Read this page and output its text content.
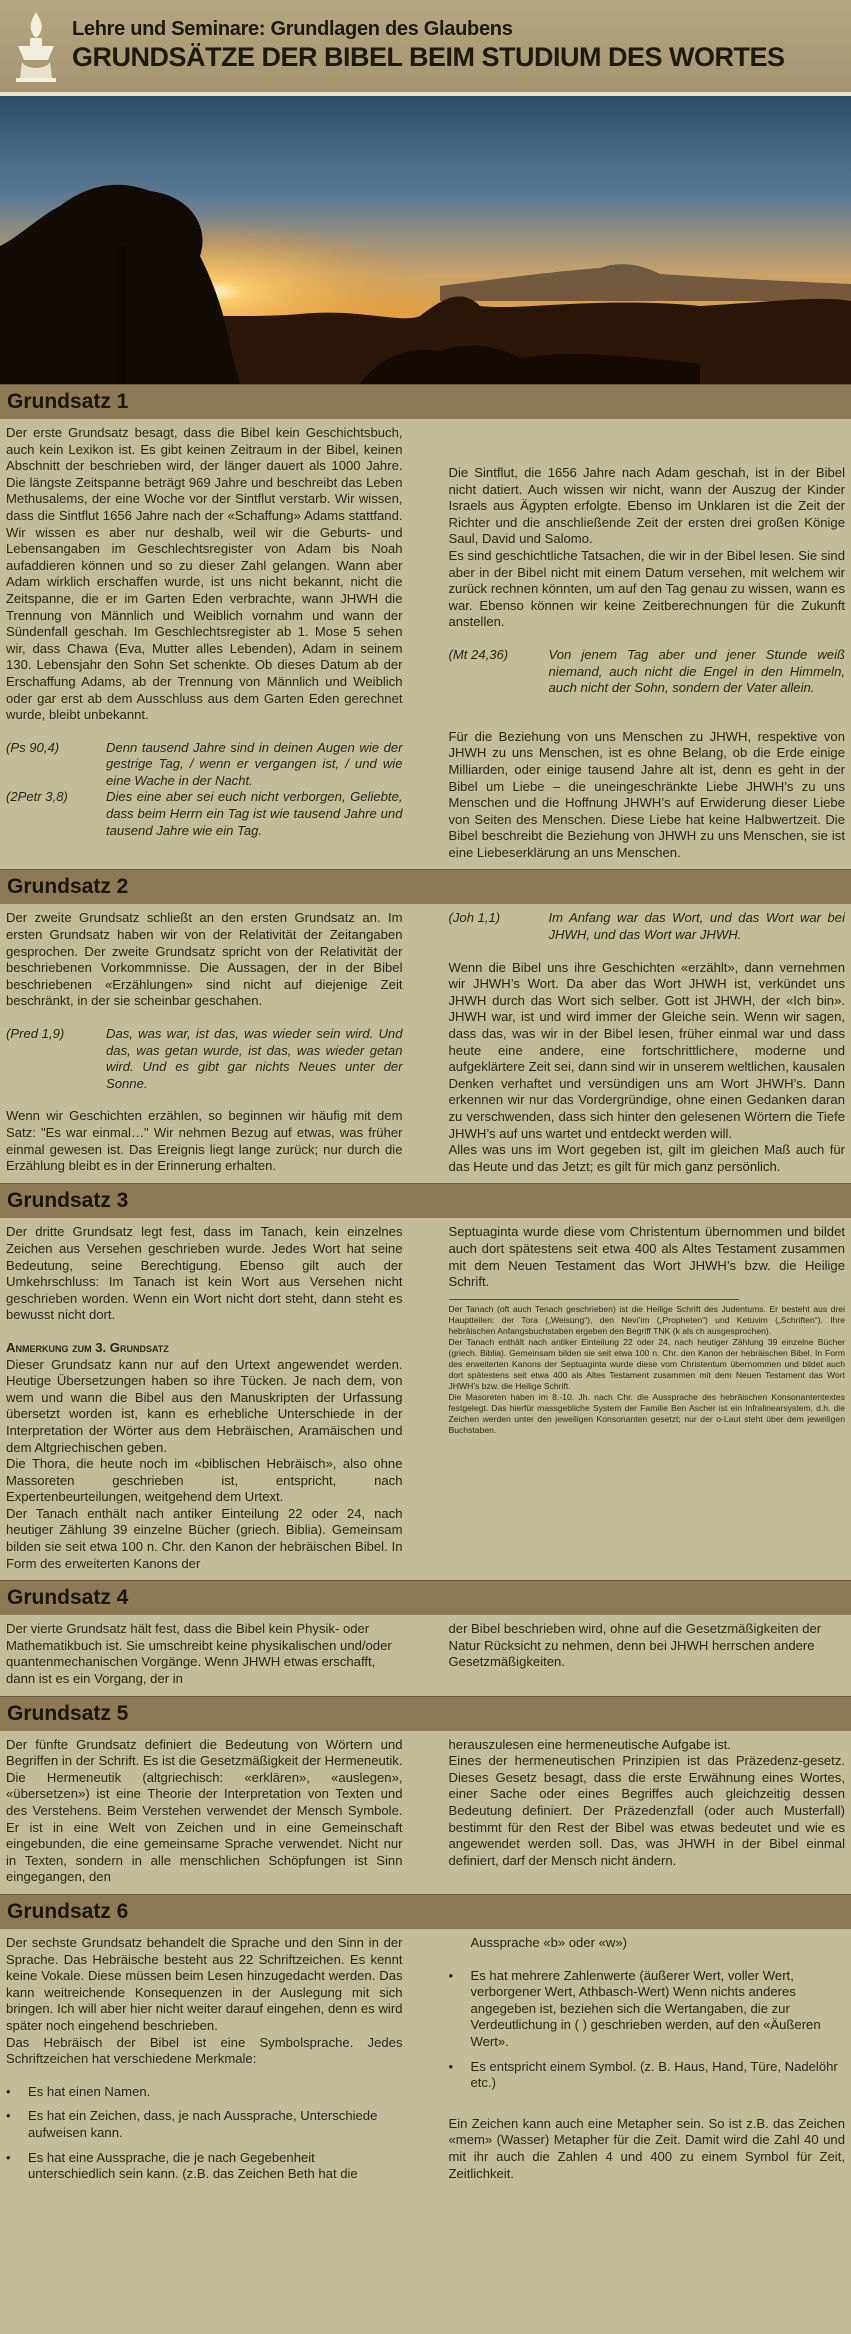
Lehre und Seminare: Grundlagen des Glaubens
GRUNDSÄTZE DER BIBEL BEIM STUDIUM DES WORTES
Grundsatz 1

Der erste Grundsatz besagt, dass die Bibel kein Geschichtsbuch, auch kein Lexikon ist. Es gibt keinen Zeitraum in der Bibel, keinen Abschnitt der beschrieben wird, der länger dauert als 1000 Jahre. Die längste Zeitspanne beträgt 969 Jahre und beschreibt das Leben Methusalems, der eine Woche vor der Sintflut verstarb. Wir wissen, dass die Sintflut 1656 Jahre nach der «Schaffung» Adams stattfand. Wir wissen es aber nur deshalb, weil wir die Geburts- und Lebensangaben im Geschlechtsregister von Adam bis Noah aufaddieren können und so zu dieser Zahl gelangen. Wann aber Adam wirklich erschaffen wurde, ist uns nicht bekannt, nicht die Zeitspanne, die er im Garten Eden verbrachte, wann JHWH die Trennung von Männlich und Weiblich vornahm und wann der Sündenfall geschah. Im Geschlechtsregister ab 1. Mose 5 sehen wir, dass Chawa (Eva, Mutter alles Lebenden), Adam in seinem 130. Lebensjahr den Sohn Set schenkte. Ob dieses Datum ab der Erschaffung Adams, ab der Trennung von Männlich und Weiblich oder gar erst ab dem Ausschluss aus dem Garten Eden gerechnet wurde, bleibt unbekannt.

(Ps 90,4)	Denn tausend Jahre sind in deinen Augen wie der gestrige Tag, / wenn er vergangen ist, / und wie eine Wache in der Nacht.
(2Petr 3,8)	Dies eine aber sei euch nicht verborgen, Geliebte, dass beim Herrn ein Tag ist wie tausend Jahre und tausend Jahre wie ein Tag.

Die Sintflut, die 1656 Jahre nach Adam geschah, ist in der Bibel nicht datiert. Auch wissen wir nicht, wann der Auszug der Kinder Israels aus Ägypten erfolgte. Ebenso im Unklaren ist die Zeit der Richter und die anschließende Zeit der ersten drei großen Könige Saul, David und Salomo.

Es sind geschichtliche Tatsachen, die wir in der Bibel lesen. Sie sind aber in der Bibel nicht mit einem Datum versehen, mit welchem wir zurück rechnen könnten, um auf den Tag genau zu wissen, wann es war. Ebenso können wir keine Zeitberechnungen für die Zukunft anstellen.

(Mt 24,36)	Von jenem Tag aber und jener Stunde weiß niemand, auch nicht die Engel in den Himmeln, auch nicht der Sohn, sondern der Vater allein.

Für die Beziehung von uns Menschen zu JHWH, respektive von JHWH zu uns Menschen, ist es ohne Belang, ob die Erde einige Milliarden, oder einige tausend Jahre alt ist, denn es geht in der Bibel um Liebe – die uneingeschränkte Liebe JHWH’s zu uns Menschen und die Hoffnung JHWH’s auf Erwiderung dieser Liebe von Seiten des Menschen. Diese Liebe hat keine Halbwertzeit. Die Bibel beschreibt die Beziehung von JHWH zu uns Menschen, sie ist eine Liebeserklärung an uns Menschen.

Grundsatz 2

Der zweite Grundsatz schließt an den ersten Grundsatz an. Im ersten Grundsatz haben wir von der Relativität der Zeitangaben gesprochen. Der zweite Grundsatz spricht von der Relativität der beschriebenen Vorkommnisse. Die Aussagen, der in der Bibel beschriebenen «Erzählungen» sind nicht auf diejenige Zeit beschränkt, in der sie scheinbar geschahen.

(Pred 1,9)	Das, was war, ist das, was wieder sein wird. Und das, was getan wurde, ist das, was wieder getan wird. Und es gibt gar nichts Neues unter der Sonne.

Wenn wir Geschichten erzählen, so beginnen wir häufig mit dem Satz: "Es war einmal…" Wir nehmen Bezug auf etwas, was früher einmal gewesen ist. Das Ereignis liegt lange zurück; nur durch die Erzählung bleibt es in der Erinnerung erhalten.

(Joh 1,1)	Im Anfang war das Wort, und das Wort war bei JHWH, und das Wort war JHWH.

Wenn die Bibel uns ihre Geschichten «erzählt», dann vernehmen wir JHWH’s Wort. Da aber das Wort JHWH ist, verkündet uns JHWH durch das Wort sich selber. Gott ist JHWH, der «Ich bin». JHWH war, ist und wird immer der Gleiche sein. Wenn wir sagen, dass das, was wir in der Bibel lesen, früher einmal war und dass heute eine andere, eine fortschrittlichere, moderne und aufgeklärtere Zeit sei, dann sind wir in unserem weltlichen, kausalen Denken verhaftet und versündigen uns am Wort JHWH’s. Dann erkennen wir nur das Vordergründige, ohne einen Gedanken daran zu verschwenden, dass sich hinter den gelesenen Wörtern die Tiefe JHWH’s auf uns wartet und entdeckt werden will.

Alles was uns im Wort gegeben ist, gilt im gleichen Maß auch für das Heute und das Jetzt; es gilt für mich ganz persönlich.

Grundsatz 3

Der dritte Grundsatz legt fest, dass im Tanach, kein einzelnes Zeichen aus Versehen geschrieben wurde. Jedes Wort hat seine Bedeutung, seine Berechtigung. Ebenso gilt auch der Umkehrschluss: Im Tanach ist kein Wort aus Versehen nicht geschrieben worden. Wenn ein Wort nicht dort steht, dann steht es bewusst nicht dort.

Anmerkung zum 3. Grundsatz

Dieser Grundsatz kann nur auf den Urtext angewendet werden. Heutige Übersetzungen haben so ihre Tücken. Je nach dem, von wem und wann die Bibel aus den Manuskripten der Urfassung übersetzt worden ist, kann es erhebliche Unterschiede in der Interpretation der Wörter aus dem Hebräischen, Aramäischen und dem Altgriechischen geben.

Die Thora, die heute noch im «biblischen Hebräisch», also ohne Massoreten geschrieben ist, entspricht, nach Expertenbeurteilungen, weitgehend dem Urtext.

Der Tanach enthält nach antiker Einteilung 22 oder 24, nach heutiger Zählung 39 einzelne Bücher (griech. Biblia). Gemeinsam bilden sie seit etwa 100 n. Chr. den Kanon der hebräischen Bibel. In Form des erweiterten Kanons der

Septuaginta wurde diese vom Christentum übernommen und bildet auch dort spätestens seit etwa 400 als Altes Testament zusammen mit dem Neuen Testament das Wort JHWH’s bzw. die Heilige Schrift.

Der Tanach (oft auch Tenach geschrieben) ist die Heilige Schrift des Judentums. Er besteht aus drei Hauptteilen: der Tora („Weisung“), den Nevi’im („Propheten“) und Ketuvim („Schriften“). Ihre hebräischen Anfangsbuchstaben ergeben den Begriff TNK (k als ch ausgesprochen).

Der Tanach enthält nach antiker Einteilung 22 oder 24, nach heutiger Zählung 39 einzelne Bücher (griech. Biblia). Gemeinsam bilden sie seit etwa 100 n. Chr. den Kanon der hebräischen Bibel. In Form des erweiterten Kanons der Septuaginta wurde diese vom Christentum übernommen und bildet auch dort spätestens seit etwa 400 als Altes Testament zusammen mit dem Neuen Testament das Wort JHWH’s bzw. die Heilige Schrift.

Die Masoreten haben im 8.-10. Jh. nach Chr. die Aussprache des hebräischen Konsonantentextes festgelegt. Das hierfür massgebliche System der Familie Ben Ascher ist ein Infralinearsystem, d.h. die Zeichen werden unter den jeweiligen Konsonanten gesetzt; nur der o-Laut steht über dem jeweiligen Buchstaben.

Grundsatz 4

Der vierte Grundsatz hält fest, dass die Bibel kein Physik- oder Mathematikbuch ist. Sie umschreibt keine physikalischen und/oder quantenmechanischen Vorgänge. Wenn JHWH etwas erschafft, dann ist es ein Vorgang, der in

der Bibel beschrieben wird, ohne auf die Gesetzmäßigkeiten der Natur Rücksicht zu nehmen, denn bei JHWH herrschen andere Gesetzmäßigkeiten.

Grundsatz 5

Der fünfte Grundsatz definiert die Bedeutung von Wörtern und Begriffen in der Schrift. Es ist die Gesetzmäßigkeit der Hermeneutik. Die Hermeneutik (altgriechisch: «erklären», «auslegen», «übersetzen») ist eine Theorie der Interpretation von Texten und des Verstehens. Beim Verstehen verwendet der Mensch Symbole. Er ist in eine Welt von Zeichen und in eine Gemeinschaft eingebunden, die eine gemeinsame Sprache verwendet. Nicht nur in Texten, sondern in alle menschlichen Schöpfungen ist Sinn eingegangen, den

herauszulesen eine hermeneutische Aufgabe ist.

Eines der hermeneutischen Prinzipien ist das Präzedenz-gesetz. Dieses Gesetz besagt, dass die erste Erwähnung eines Wortes, einer Sache oder eines Begriffes auch gleichzeitig dessen Bedeutung definiert. Der Präzedenzfall (oder auch Musterfall) bestimmt für den Rest der Bibel was etwas bedeutet und wie es angewendet werden soll. Das, was JHWH in der Bibel einmal definiert, darf der Mensch nicht ändern.

Grundsatz 6

Der sechste Grundsatz behandelt die Sprache und den Sinn in der Sprache. Das Hebräische besteht aus 22 Schriftzeichen. Es kennt keine Vokale. Diese müssen beim Lesen hinzugedacht werden. Das kann weitreichende Konsequenzen in der Auslegung mit sich bringen. Ich will aber hier nicht weiter darauf eingehen, denn es wird später noch eingehend beschrieben.

Das Hebräisch der Bibel ist eine Symbolsprache. Jedes Schriftzeichen hat verschiedene Merkmale:

• Es hat einen Namen.
• Es hat ein Zeichen, dass, je nach Aussprache, Unterschiede aufweisen kann.
• Es hat eine Aussprache, die je nach Gegebenheit unterschiedlich sein kann. (z.B. das Zeichen Beth hat die

Aussprache «b» oder «w»)

• Es hat mehrere Zahlenwerte (äußerer Wert, voller Wert, verborgener Wert, Athbasch-Wert) Wenn nichts anderes angegeben ist, beziehen sich die Wertangaben, die zur Verdeutlichung in ( ) geschrieben werden, auf den «Äußeren Wert».
• Es entspricht einem Symbol. (z. B. Haus, Hand, Türe, Nadelöhr etc.)

Ein Zeichen kann auch eine Metapher sein. So ist z.B. das Zeichen «mem» (Wasser) Metapher für die Zeit. Damit wird die Zahl 40 und mit ihr auch die Zahlen 4 und 400 zu einem Symbol für Zeit, Zeitlichkeit.
